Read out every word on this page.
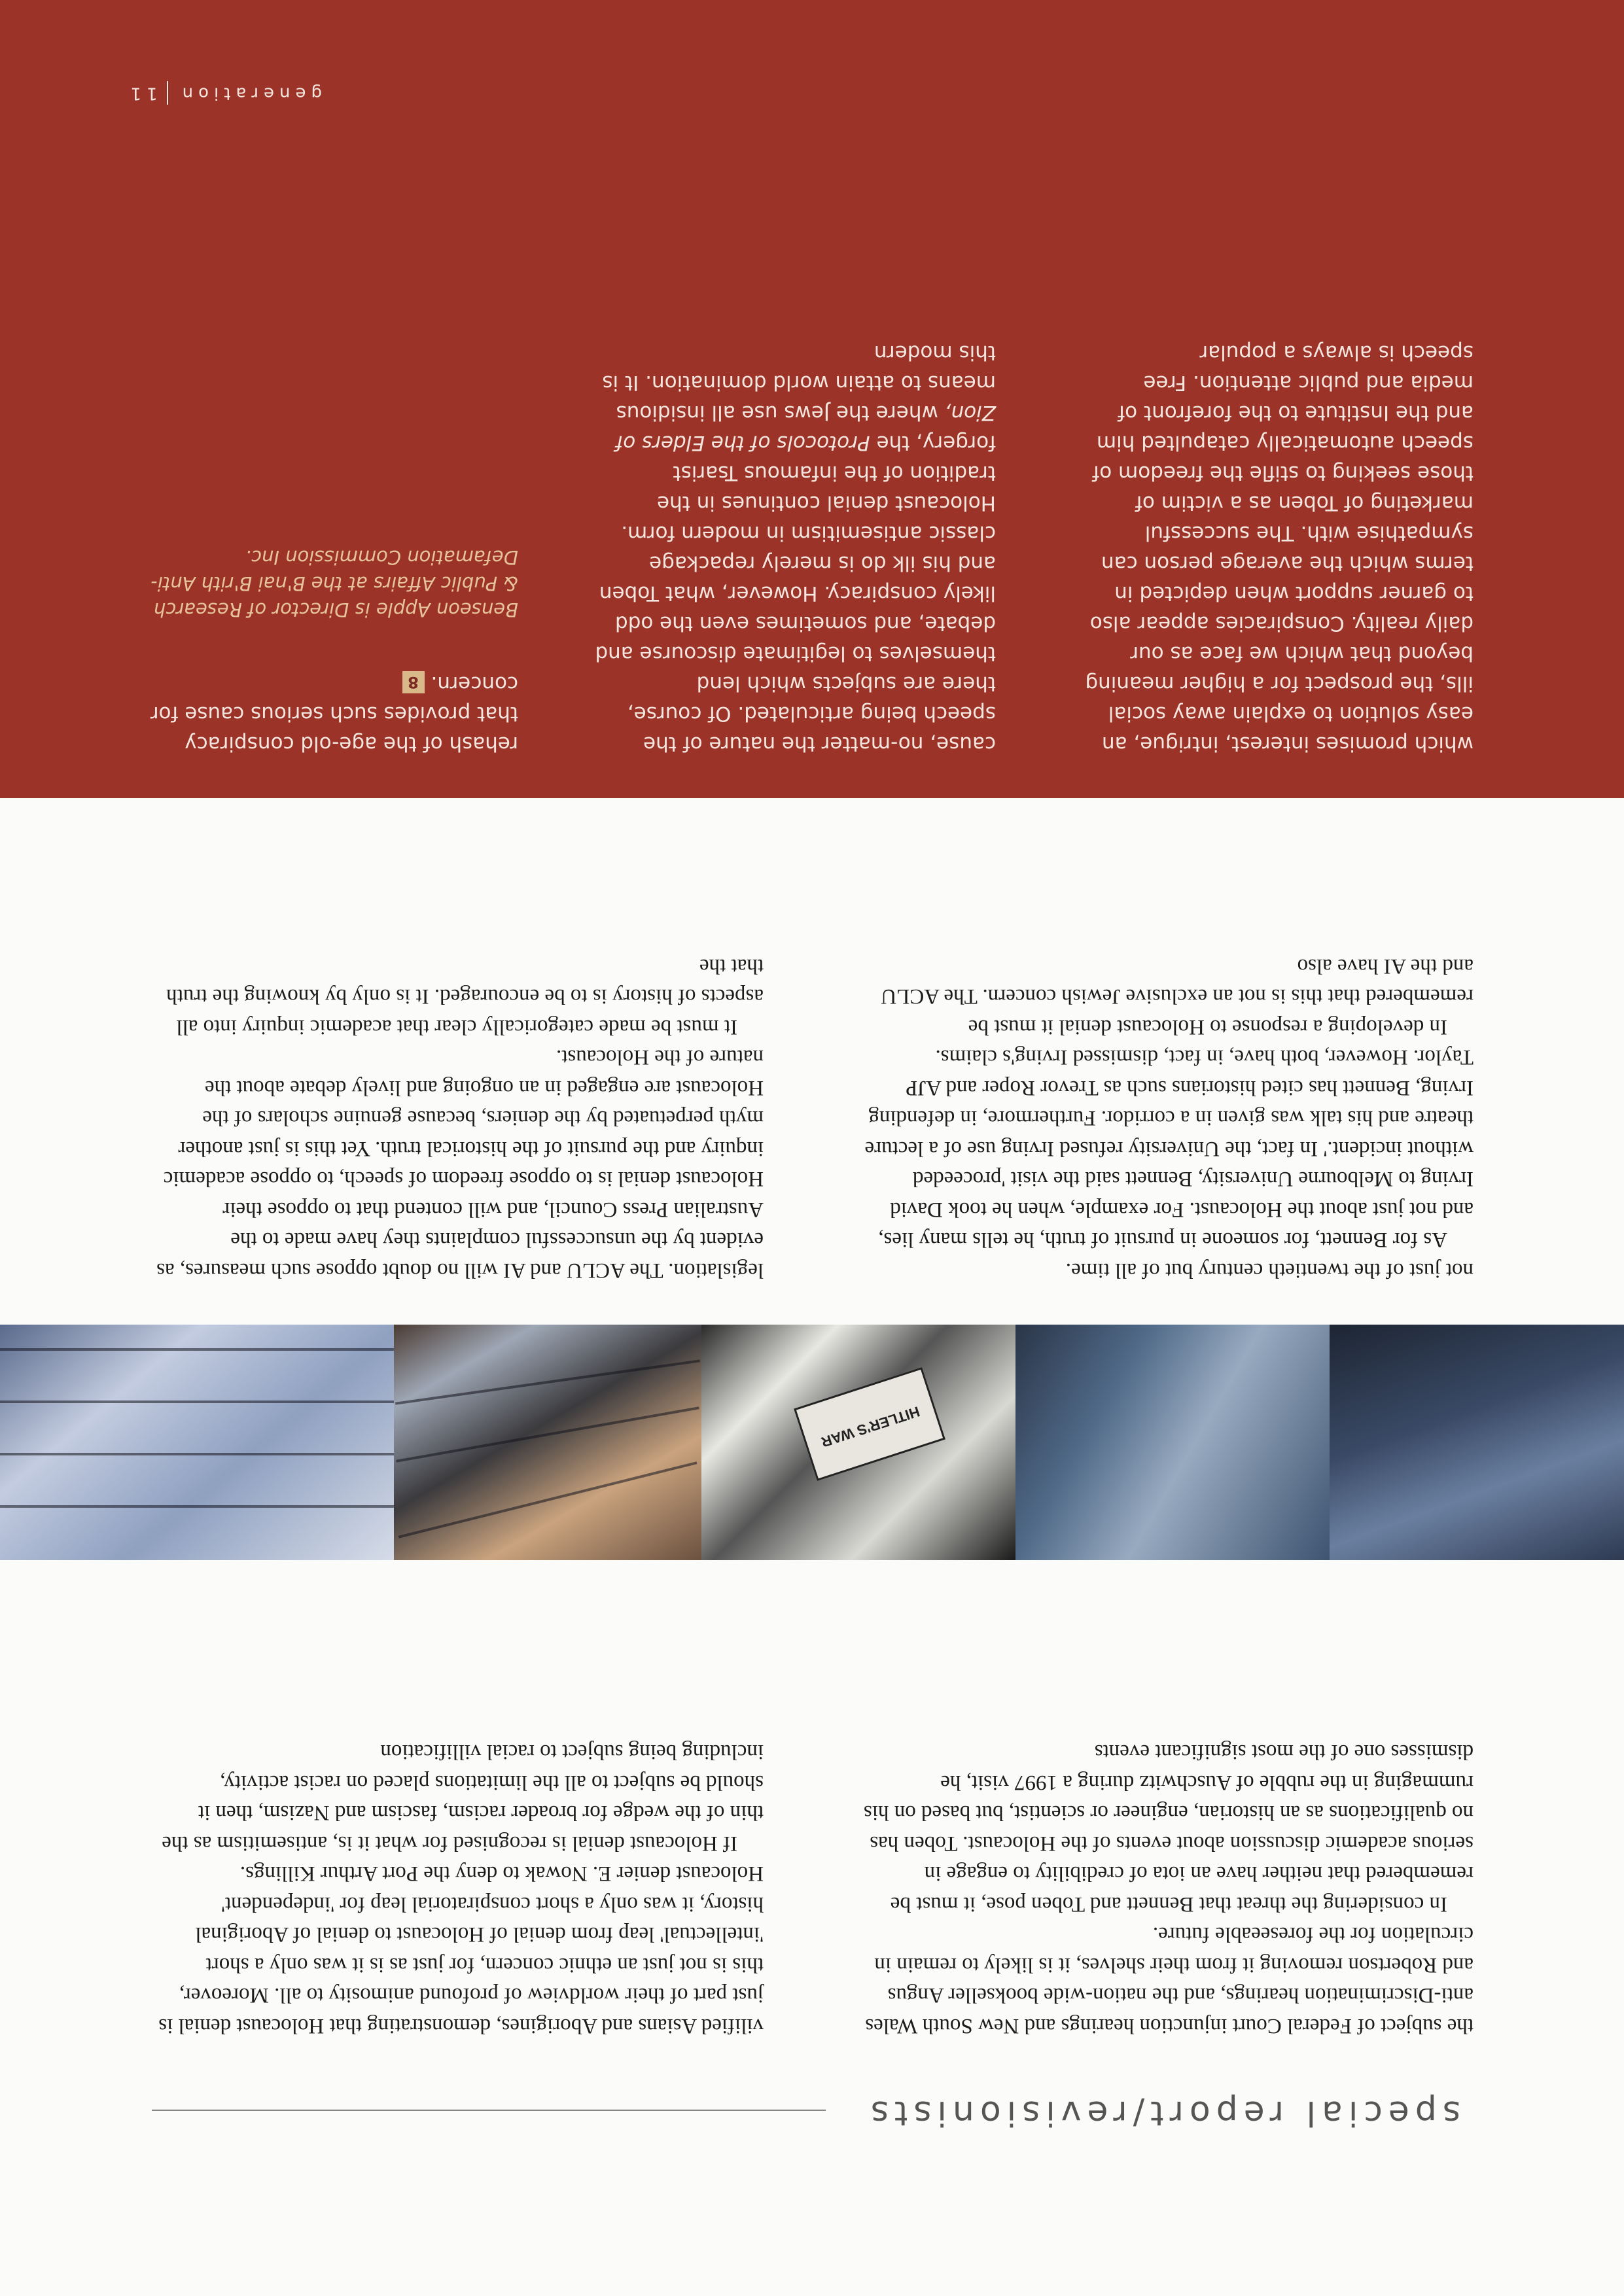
special report/revisionists

the subject of Federal Court injunction hearings and New South Wales anti-Discrimination hearings, and the nation-wide bookseller Angus and Robertson removing it from their shelves, it is likely to remain in circulation for the foreseeable future.

In considering the threat that Bennett and Toben pose, it must be remembered that neither have an iota of credibility to engage in serious academic discussion about events of the Holocaust. Toben has no qualifications as an historian, engineer or scientist, but based on his rummaging in the rubble of Auschwitz during a 1997 visit, he dismisses one of the most significant events

vilified Asians and Aborigines, demonstrating that Holocaust denial is just part of their worldview of profound animosity to all. Moreover, this is not just an ethnic concern, for just as is it was only a short 'intellectual' leap from denial of Holocaust to denial of Aboriginal history, it was only a short conspiratorial leap for 'independent' Holocaust denier E. Nowak to deny the Port Arthur Killings.

If Holocaust denial is recognised for what it is, antisemitism as the thin of the wedge for broader racism, fascism and Nazism, then it should be subject to all the limitations placed on racist activity, including being subject to racial villification

HITLER'S WAR

not just of the twentieth century but of all time.

As for Bennett, for someone in pursuit of truth, he tells many lies, and not just about the Holocaust. For example, when he took David Irving to Melbourne University, Bennett said the visit 'proceeded without incident.' In fact, the University refused Irving use of a lecture theatre and his talk was given in a corridor. Furthermore, in defending Irving, Bennett has cited historians such as Trevor Roper and AJP Taylor. However, both have, in fact, dismissed Irving's claims.

In developing a response to Holocaust denial it must be remembered that this is not an exclusive Jewish concern. The ACLU and the AI have also

legislation. The ACLU and AI will no doubt oppose such measures, as evident by the unsuccessful complaints they have made to the Australian Press Council, and will contend that to oppose their Holocaust denial is to oppose freedom of speech, to oppose academic inquiry and the pursuit of the historical truth. Yet this is just another myth perpetuated by the deniers, because genuine scholars of the Holocaust are engaged in an ongoing and lively debate about the nature of the Holocaust.

It must be made categorically clear that academic inquiry into all aspects of history is to be encouraged. It is only by knowing the truth that the

which promises interest, intrigue, an easy solution to explain away social ills, the prospect for a higher meaning beyond that which we face as our daily reality. Conspiracies appear also to garner support when depicted in terms which the average person can sympathise with. The successful marketing of Toben as a victim of those seeking to stifle the freedom of speech automatically catapulted him and the Institute to the forefront of media and public attention. Free speech is always a popular

cause, no-matter the nature of the speech being articulated. Of course, there are subjects which lend themselves to legitimate discourse and debate, and sometimes even the odd likely conspiracy. However, what Toben and his ilk do is merely repackage classic antisemitism in modern form. Holocaust denial continues in the tradition of the infamous Tsarist forgery, the Protocols of the Elders of Zion, where the Jews use all insidious means to attain world domination. It is this modern

rehash of the age-old conspiracy that provides such serious cause for concern.8

Benseon Apple is Director of Research & Public Affairs at the B'nai B'rith Anti-Defamation Commission Inc.

generation11
